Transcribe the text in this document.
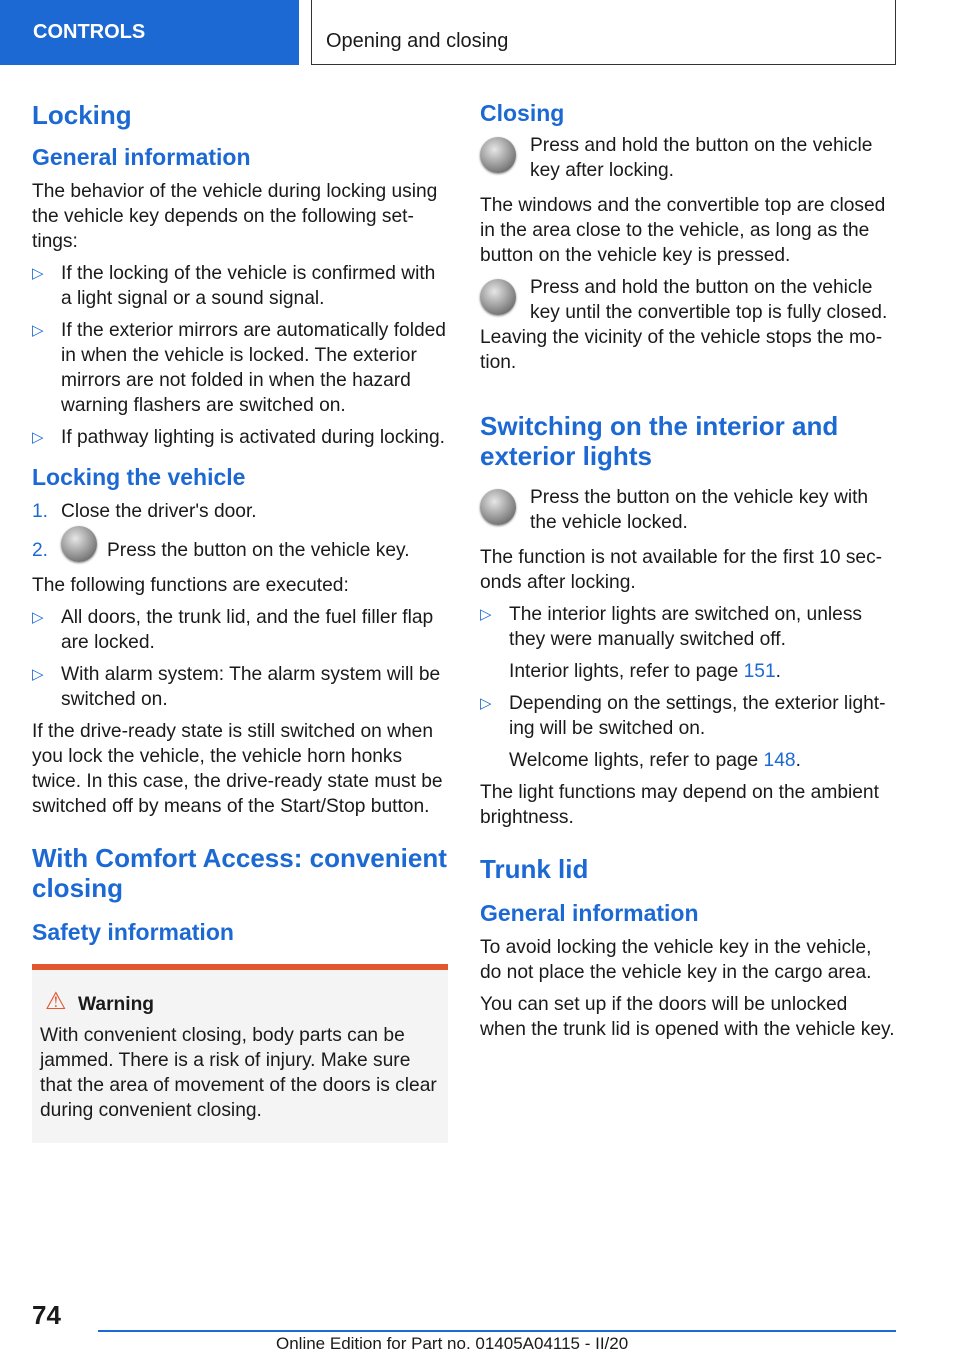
CONTROLS	Opening and closing
Locking
General information

The behavior of the vehicle during locking using the vehicle key depends on the following set-tings:

▷ If the locking of the vehicle is confirmed with a light signal or a sound signal.
▷ If the exterior mirrors are automatically folded in when the vehicle is locked. The exterior mirrors are not folded in when the hazard warning flashers are switched on.
▷ If pathway lighting is activated during locking.
Locking the vehicle
1. Close the driver's door.
2.	Press the button on the vehicle key.

The following functions are executed:

▷ All doors, the trunk lid, and the fuel filler flap are locked.
▷ With alarm system: The alarm system will be switched on.

If the drive-ready state is still switched on when you lock the vehicle, the vehicle horn honks twice. In this case, the drive-ready state must be switched off by means of the Start/Stop button.

With Comfort Access: convenient closing
Safety information
⚠ Warning
With convenient closing, body parts can be jammed. There is a risk of injury. Make sure that the area of movement of the doors is clear during convenient closing.
Closing
Press and hold the button on the vehicle key after locking.

The windows and the convertible top are closed in the area close to the vehicle, as long as the button on the vehicle key is pressed.

Press and hold the button on the vehicle key until the convertible top is fully closed.

Leaving the vicinity of the vehicle stops the mo-tion.

Switching on the interior and exterior lights
Press the button on the vehicle key with the vehicle locked.

The function is not available for the first 10 sec-onds after locking.

▷ The interior lights are switched on, unless they were manually switched off.
Interior lights, refer to page 151.
▷ Depending on the settings, the exterior light-ing will be switched on.
Welcome lights, refer to page 148.

The light functions may depend on the ambient brightness.

Trunk lid
General information

To avoid locking the vehicle key in the vehicle, do not place the vehicle key in the cargo area.

You can set up if the doors will be unlocked when the trunk lid is opened with the vehicle key.

74
Online Edition for Part no. 01405A04115 - II/20
